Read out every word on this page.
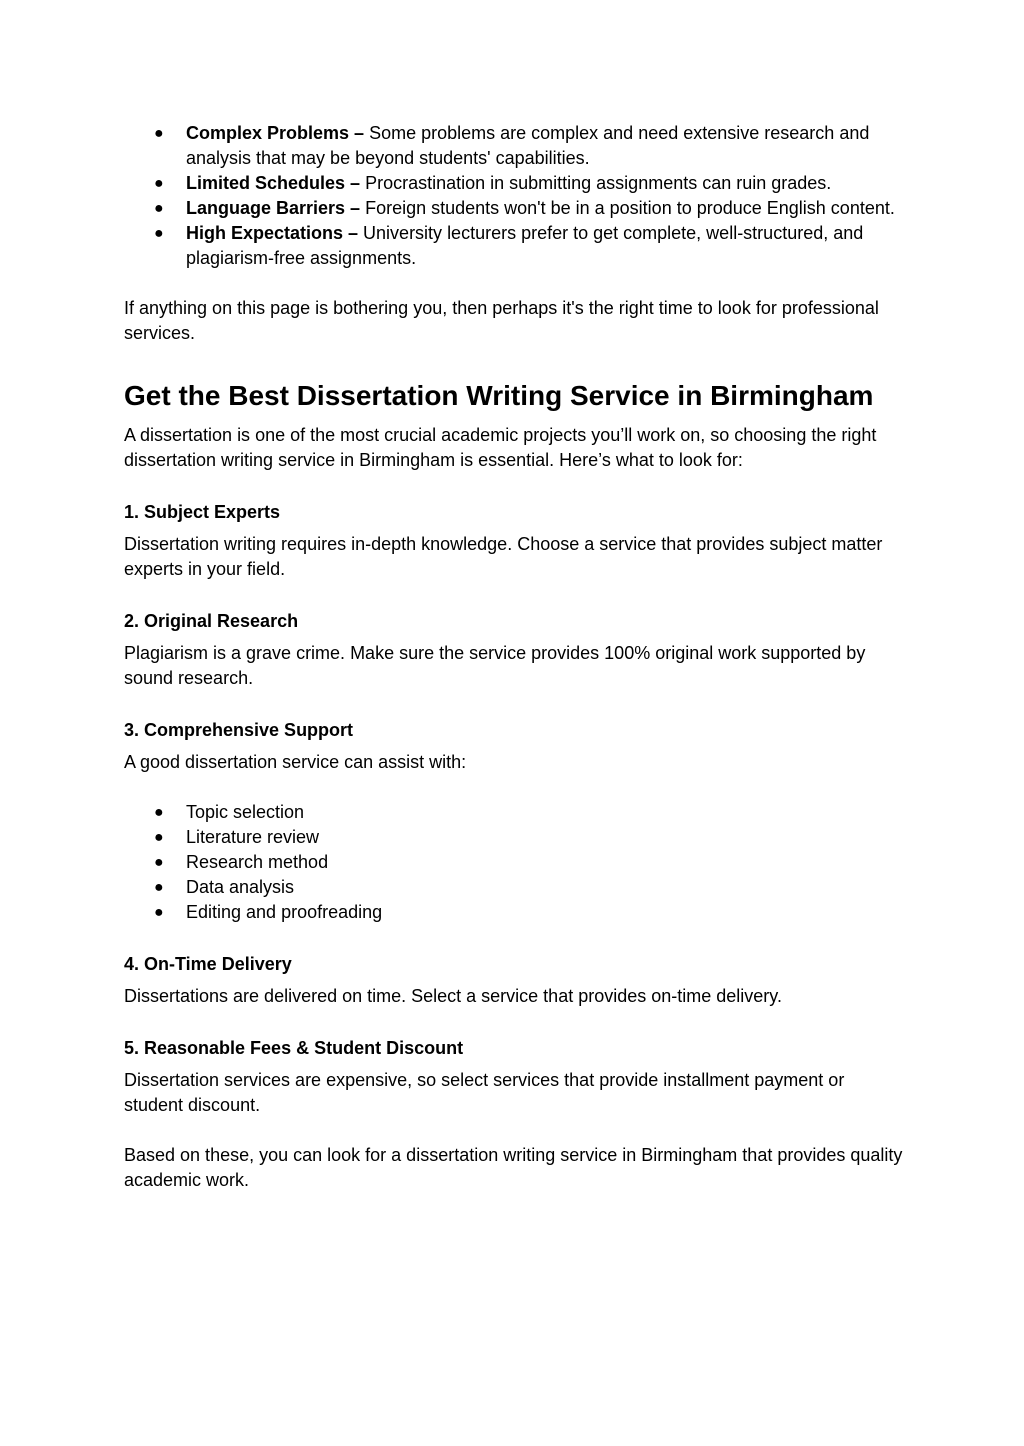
● Complex Problems – Some problems are complex and need extensive research and analysis that may be beyond students' capabilities.
● Limited Schedules – Procrastination in submitting assignments can ruin grades.
● Language Barriers – Foreign students won't be in a position to produce English content.
● High Expectations – University lecturers prefer to get complete, well-structured, and plagiarism-free assignments.

If anything on this page is bothering you, then perhaps it's the right time to look for professional services.

Get the Best Dissertation Writing Service in Birmingham

A dissertation is one of the most crucial academic projects you’ll work on, so choosing the right dissertation writing service in Birmingham is essential. Here’s what to look for:

1. Subject Experts

Dissertation writing requires in-depth knowledge. Choose a service that provides subject matter experts in your field.

2. Original Research

Plagiarism is a grave crime. Make sure the service provides 100% original work supported by sound research.

3. Comprehensive Support

A good dissertation service can assist with:

● Topic selection
● Literature review
● Research method
● Data analysis
● Editing and proofreading
4. On-Time Delivery

Dissertations are delivered on time. Select a service that provides on-time delivery.

5. Reasonable Fees & Student Discount

Dissertation services are expensive, so select services that provide installment payment or student discount.

Based on these, you can look for a dissertation writing service in Birmingham that provides quality academic work.
